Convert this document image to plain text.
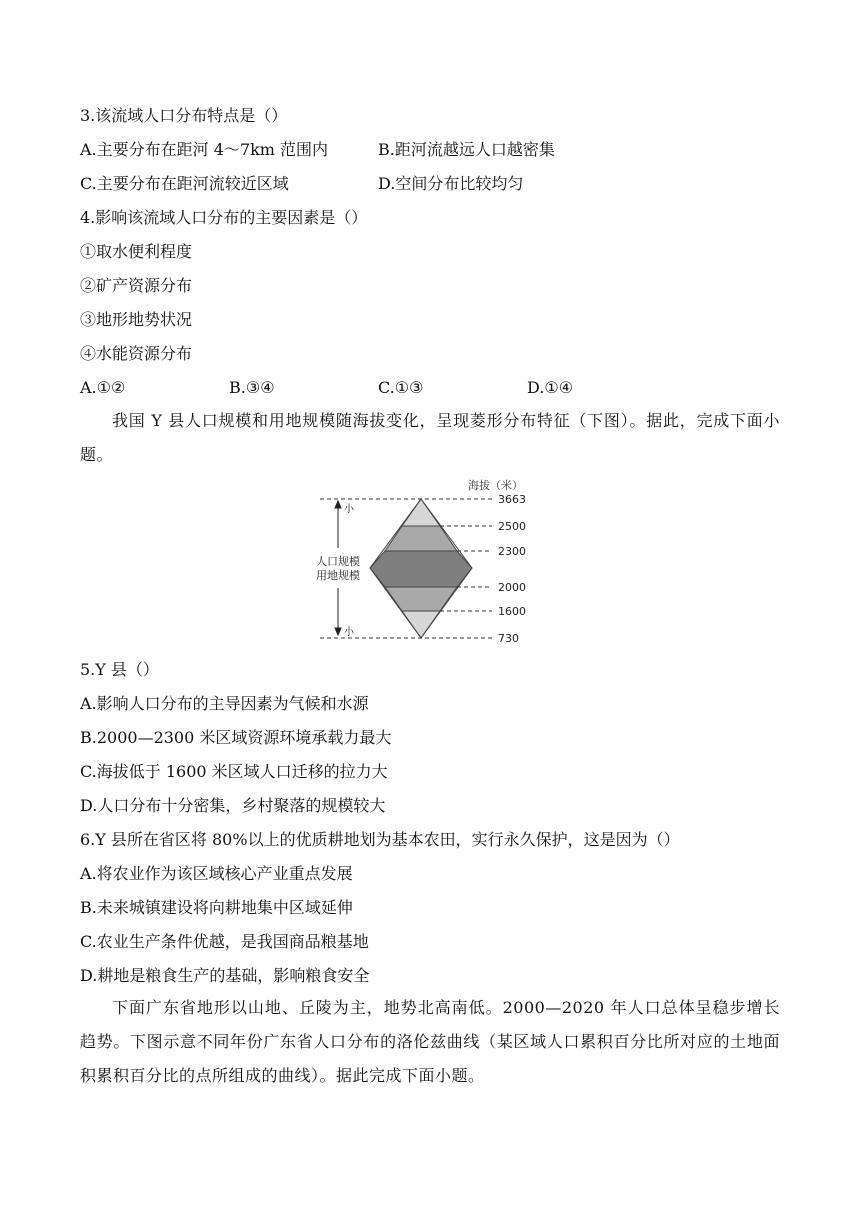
3.该流域人口分布特点是（）
A.主要分布在距河 4～7km 范围内	B.距河流越远人口越密集
C.主要分布在距河流较近区域	D.空间分布比较均匀
4.影响该流域人口分布的主要因素是（）
①取水便利程度
②矿产资源分布
③地形地势状况
④水能资源分布
A.①②	B.③④	C.①③	D.①④
我国 Y 县人口规模和用地规模随海拔变化，呈现菱形分布特征（下图）。据此，完成下面小题。
海拔（米）
3663
2500
2300
2000
1600
730
小
小
人口规模
用地规模
5.Y 县（）
A.影响人口分布的主导因素为气候和水源
B.2000—2300 米区域资源环境承载力最大
C.海拔低于 1600 米区域人口迁移的拉力大
D.人口分布十分密集，乡村聚落的规模较大
6.Y 县所在省区将 80%以上的优质耕地划为基本农田，实行永久保护，这是因为（）
A.将农业作为该区域核心产业重点发展
B.未来城镇建设将向耕地集中区域延伸
C.农业生产条件优越，是我国商品粮基地
D.耕地是粮食生产的基础，影响粮食安全
下面广东省地形以山地、丘陵为主，地势北高南低。2000—2020 年人口总体呈稳步增长趋势。下图示意不同年份广东省人口分布的洛伦兹曲线（某区域人口累积百分比所对应的土地面积累积百分比的点所组成的曲线）。据此完成下面小题。
